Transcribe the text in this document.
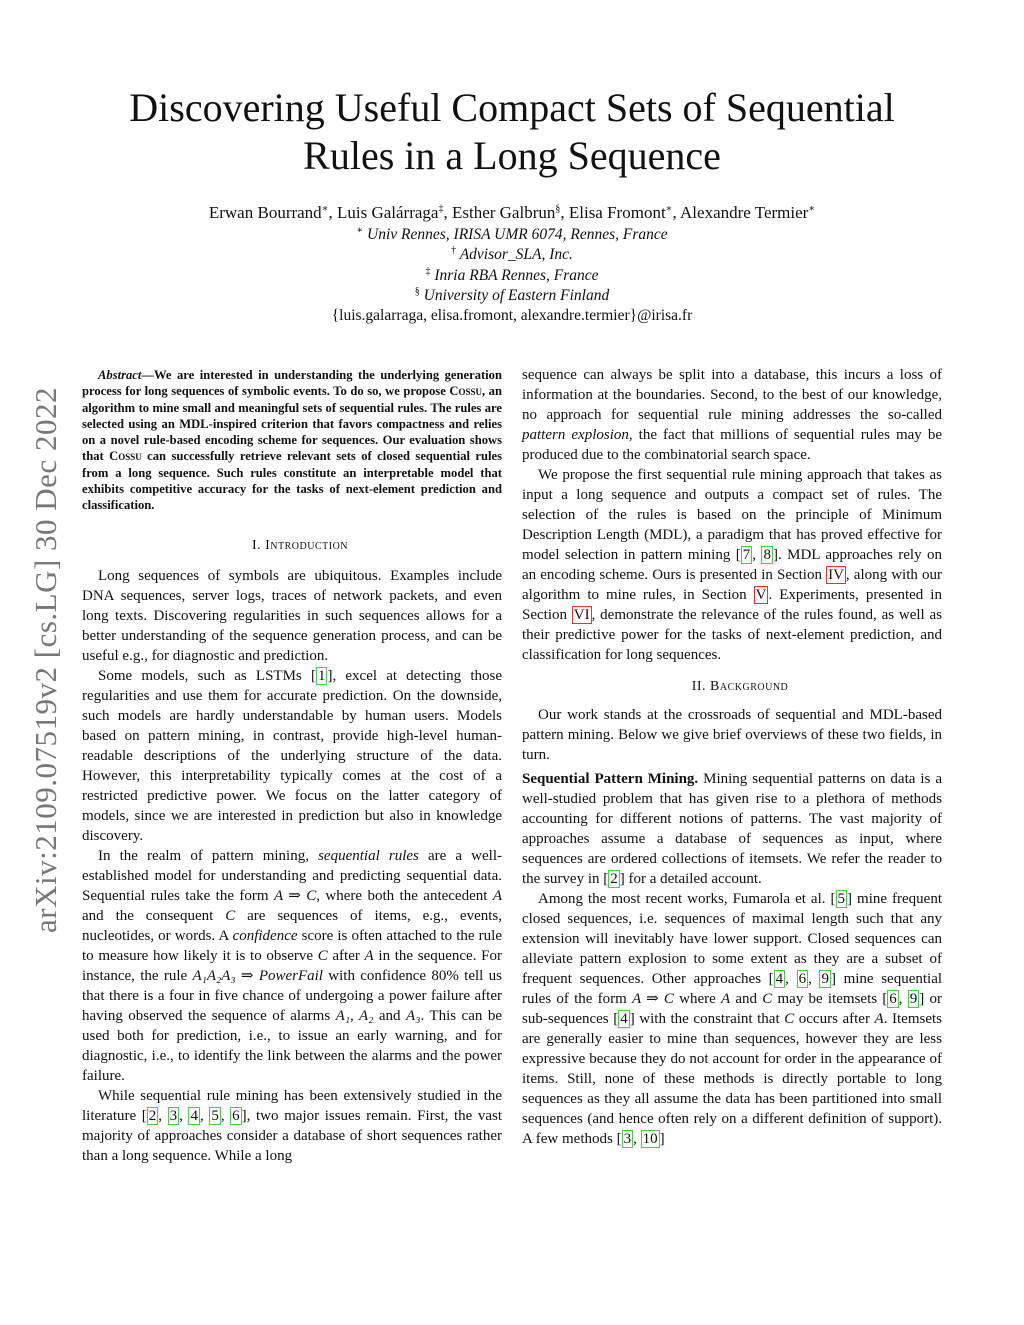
Discovering Useful Compact Sets of Sequential
Rules in a Long Sequence
Erwan Bourrand∗, Luis Galárraga‡, Esther Galbrun§, Elisa Fromont∗, Alexandre Termier∗
∗ Univ Rennes, IRISA UMR 6074, Rennes, France
† Advisor_SLA, Inc.
‡ Inria RBA Rennes, France
§ University of Eastern Finland
{luis.galarraga, elisa.fromont, alexandre.termier}@irisa.fr
arXiv:2109.07519v2 [cs.LG] 30 Dec 2022

Abstract—We are interested in understanding the underlying generation process for long sequences of symbolic events. To do so, we propose Cossu, an algorithm to mine small and meaningful sets of sequential rules. The rules are selected using an MDL-inspired criterion that favors compactness and relies on a novel rule-based encoding scheme for sequences. Our evaluation shows that Cossu can successfully retrieve relevant sets of closed sequential rules from a long sequence. Such rules constitute an interpretable model that exhibits competitive accuracy for the tasks of next-element prediction and classification.

I. Introduction

Long sequences of symbols are ubiquitous. Examples include DNA sequences, server logs, traces of network packets, and even long texts. Discovering regularities in such sequences allows for a better understanding of the sequence generation process, and can be useful e.g., for diagnostic and prediction.

Some models, such as LSTMs [ 1 ], excel at detecting those regularities and use them for accurate prediction. On the downside, such models are hardly understandable by human users. Models based on pattern mining, in contrast, provide high-level human-readable descriptions of the underlying structure of the data. However, this interpretability typically comes at the cost of a restricted predictive power. We focus on the latter category of models, since we are interested in prediction but also in knowledge discovery.

In the realm of pattern mining, sequential rules are a well-established model for understanding and predicting sequential data. Sequential rules take the form A ⇒ C, where both the antecedent A and the consequent C are sequences of items, e.g., events, nucleotides, or words. A confidence score is often attached to the rule to measure how likely it is to observe C after A in the sequence. For instance, the rule A₁A₂A₃ ⇒ PowerFail with confidence 80% tell us that there is a four in five chance of undergoing a power failure after having observed the sequence of alarms A₁, A₂ and A₃. This can be used both for prediction, i.e., to issue an early warning, and for diagnostic, i.e., to identify the link between the alarms and the power failure.

While sequential rule mining has been extensively studied in the literature [ 2 , 3 , 4 , 5 , 6 ], two major issues remain. First, the vast majority of approaches consider a database of short sequences rather than a long sequence. While a long

sequence can always be split into a database, this incurs a loss of information at the boundaries. Second, to the best of our knowledge, no approach for sequential rule mining addresses the so-called pattern explosion, the fact that millions of sequential rules may be produced due to the combinatorial search space.

We propose the first sequential rule mining approach that takes as input a long sequence and outputs a compact set of rules. The selection of the rules is based on the principle of Minimum Description Length (MDL), a paradigm that has proved effective for model selection in pattern mining [ 7 , 8 ]. MDL approaches rely on an encoding scheme. Ours is presented in Section IV , along with our algorithm to mine rules, in Section V . Experiments, presented in Section VI , demonstrate the relevance of the rules found, as well as their predictive power for the tasks of next-element prediction, and classification for long sequences.

II. Background

Our work stands at the crossroads of sequential and MDL-based pattern mining. Below we give brief overviews of these two fields, in turn.

Sequential Pattern Mining. Mining sequential patterns on data is a well-studied problem that has given rise to a plethora of methods accounting for different notions of patterns. The vast majority of approaches assume a database of sequences as input, where sequences are ordered collections of itemsets. We refer the reader to the survey in [ 2 ] for a detailed account.

Among the most recent works, Fumarola et al. [ 5 ] mine frequent closed sequences, i.e. sequences of maximal length such that any extension will inevitably have lower support. Closed sequences can alleviate pattern explosion to some extent as they are a subset of frequent sequences. Other approaches [ 4 , 6 , 9 ] mine sequential rules of the form A ⇒ C where A and C may be itemsets [ 6 , 9 ] or sub-sequences [ 4 ] with the constraint that C occurs after A. Itemsets are generally easier to mine than sequences, however they are less expressive because they do not account for order in the appearance of items. Still, none of these methods is directly portable to long sequences as they all assume the data has been partitioned into small sequences (and hence often rely on a different definition of support). A few methods [ 3 , 10 ]
